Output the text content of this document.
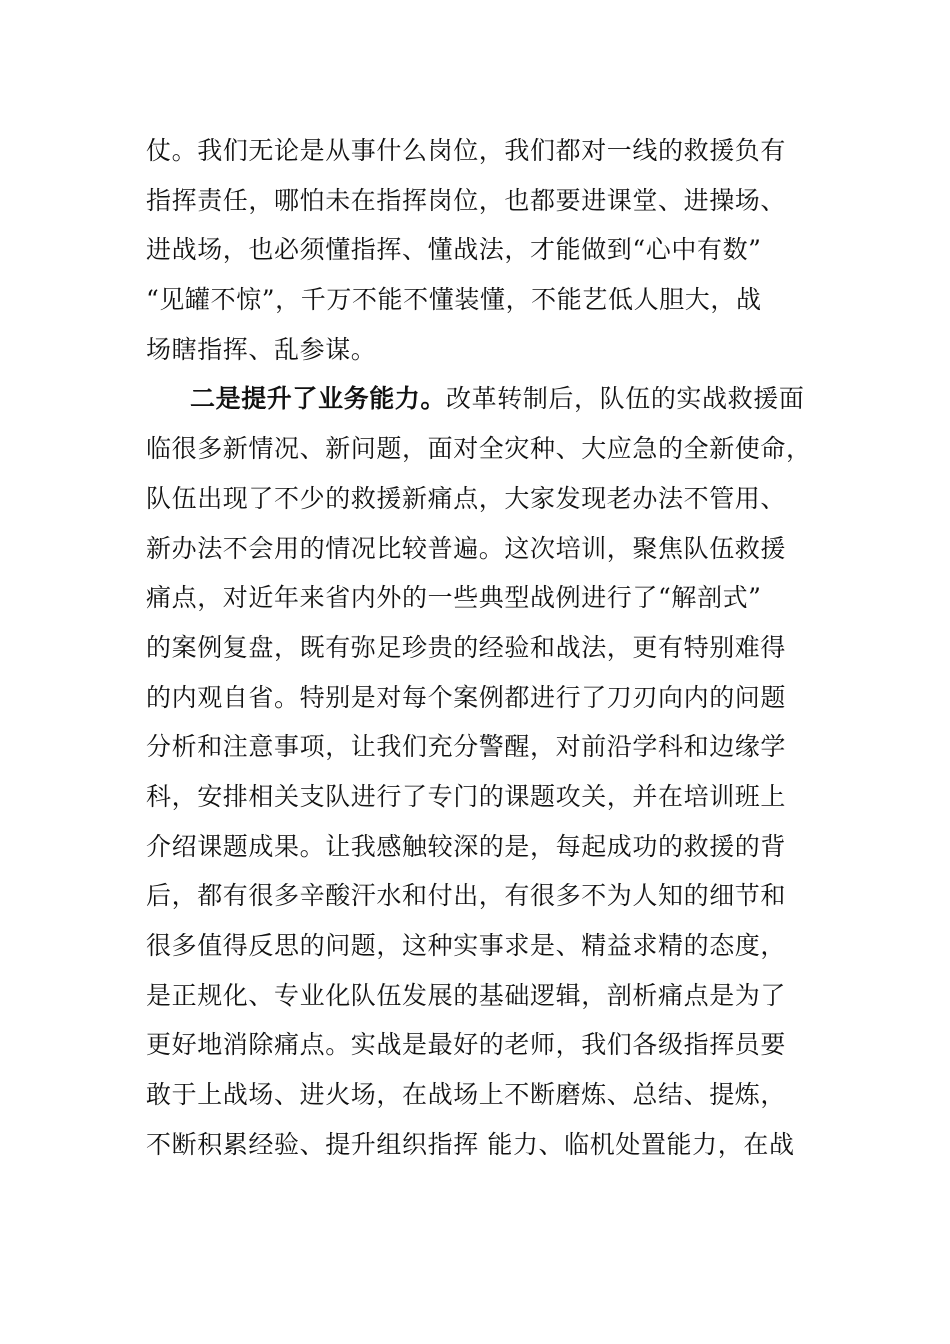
仗。我们无论是从事什么岗位，我们都对一线的救援负有
指挥责任，哪怕未在指挥岗位，也都要进课堂、进操场、
进战场，也必须懂指挥、懂战法，才能做到“心中有数”
“见罐不惊”，千万不能不懂装懂，不能艺低人胆大，战
场瞎指挥、乱参谋。
二是提升了业务能力。改革转制后，队伍的实战救援面
临很多新情况、新问题，面对全灾种、大应急的全新使命，
队伍出现了不少的救援新痛点，大家发现老办法不管用、
新办法不会用的情况比较普遍。这次培训，聚焦队伍救援
痛点，对近年来省内外的一些典型战例进行了“解剖式”
的案例复盘，既有弥足珍贵的经验和战法，更有特别难得
的内观自省。特别是对每个案例都进行了刀刃向内的问题
分析和注意事项，让我们充分警醒，对前沿学科和边缘学
科，安排相关支队进行了专门的课题攻关，并在培训班上
介绍课题成果。让我感触较深的是，每起成功的救援的背
后，都有很多辛酸汗水和付出，有很多不为人知的细节和
很多值得反思的问题，这种实事求是、精益求精的态度，
是正规化、专业化队伍发展的基础逻辑，剖析痛点是为了
更好地消除痛点。实战是最好的老师，我们各级指挥员要
敢于上战场、进火场，在战场上不断磨炼、总结、提炼，
不断积累经验、提升组织指挥 能力、临机处置能力，在战
